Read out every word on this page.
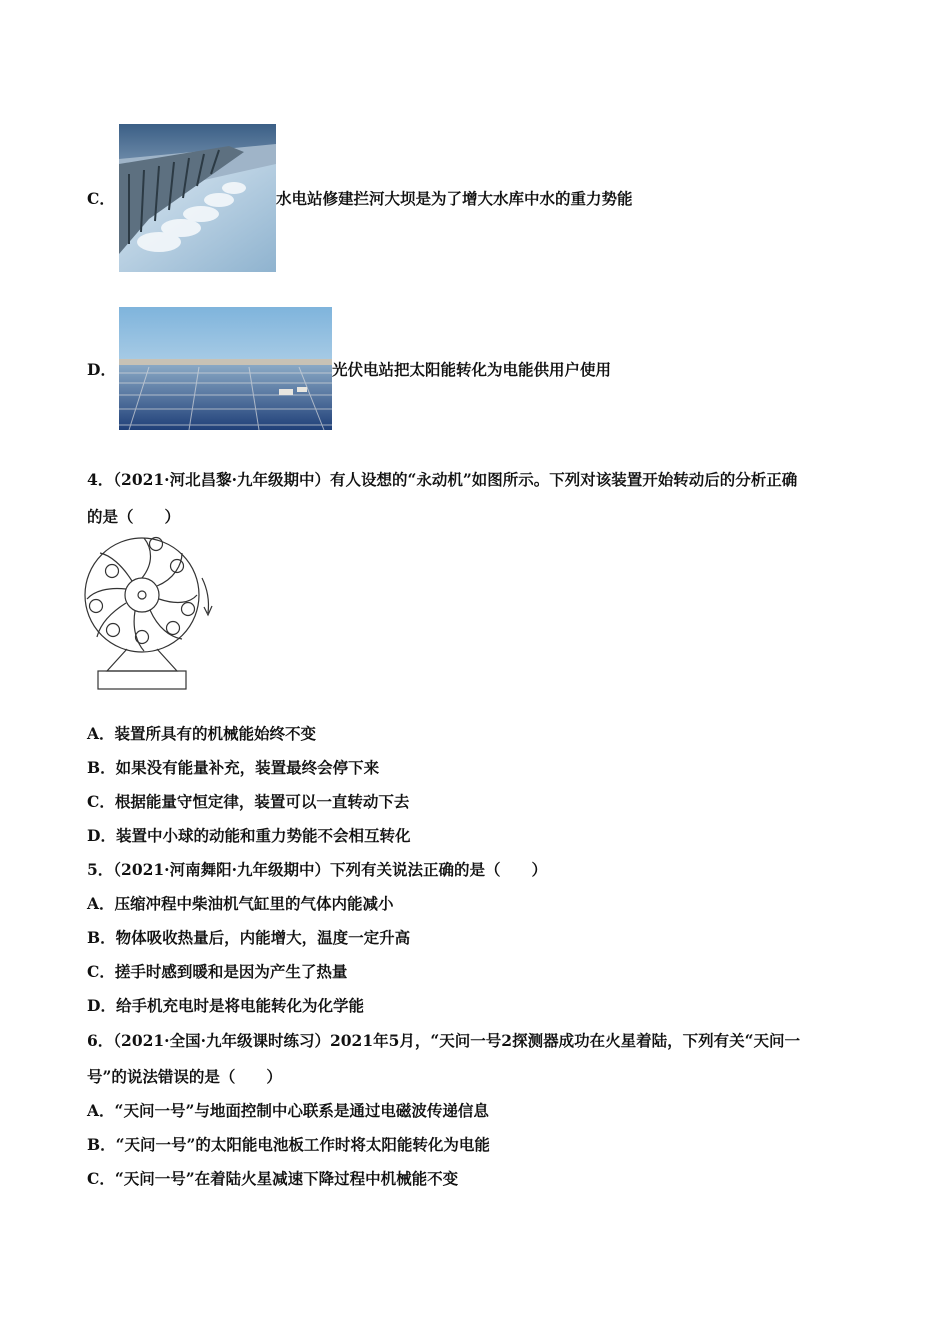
C．	水电站修建拦河大坝是为了增大水库中水的重力势能
D．	光伏电站把太阳能转化为电能供用户使用
4．（2021·河北昌黎·九年级期中）有人设想的“永动机”如图所示。下列对该装置开始转动后的分析正确
的是（　　）
A．装置所具有的机械能始终不变
B．如果没有能量补充，装置最终会停下来
C．根据能量守恒定律，装置可以一直转动下去
D．装置中小球的动能和重力势能不会相互转化
5．（2021·河南舞阳·九年级期中）下列有关说法正确的是（　　）
A．压缩冲程中柴油机气缸里的气体内能减小
B．物体吸收热量后，内能增大，温度一定升高
C．搓手时感到暖和是因为产生了热量
D．给手机充电时是将电能转化为化学能
6．（2021·全国·九年级课时练习）2021年5月，“天问一号2探测器成功在火星着陆，下列有关“天问一
号”的说法错误的是（　　）
A．“天问一号”与地面控制中心联系是通过电磁波传递信息
B．“天问一号”的太阳能电池板工作时将太阳能转化为电能
C．“天问一号”在着陆火星减速下降过程中机械能不变
